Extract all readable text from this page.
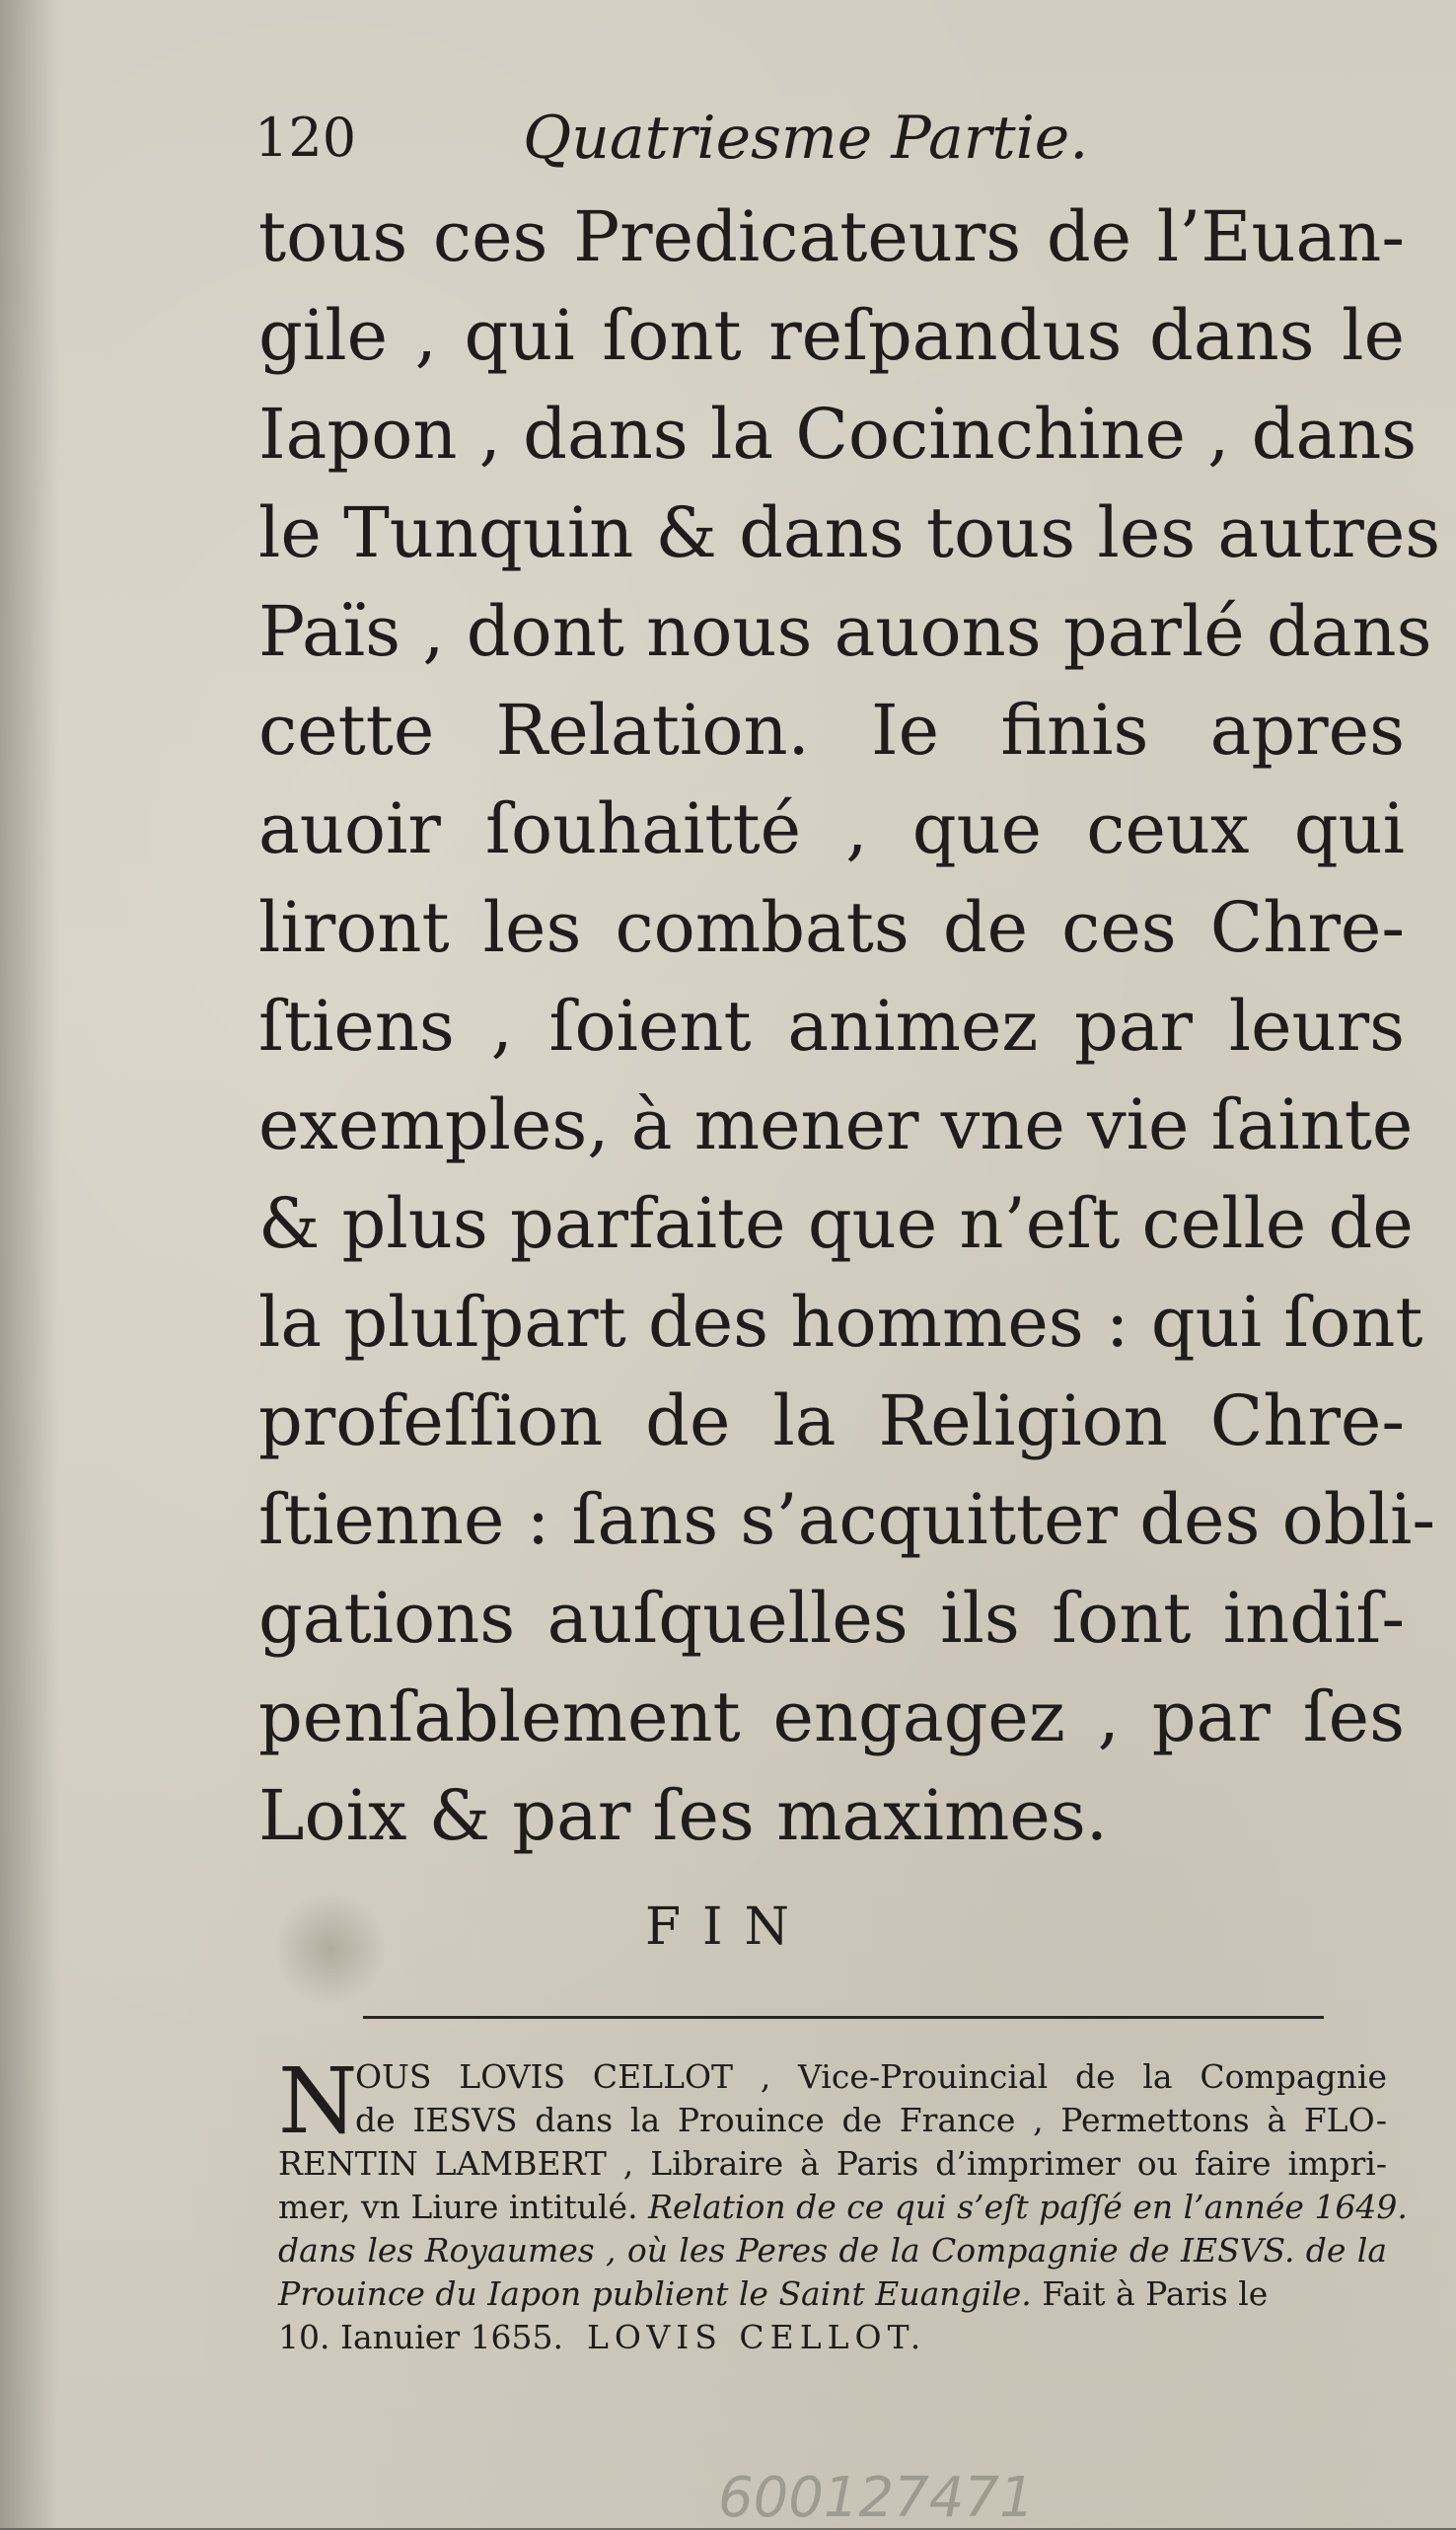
120	Quatriesme Partie.
tous ces Predicateurs de l’Euan-
gile , qui ſont reſpandus dans le
Iapon , dans la Cocinchine , dans
le Tunquin & dans tous les autres
Païs , dont nous auons parlé dans
cette Relation. Ie finis apres
auoir ſouhaitté , que ceux qui
liront les combats de ces Chre-
ſtiens , ſoient animez par leurs
exemples, à mener vne vie ſainte
& plus parfaite que n’eſt celle de
la pluſpart des hommes : qui ſont
profeſſion de la Religion Chre-
ſtienne : ſans s’acquitter des obli-
gations auſquelles ils ſont indiſ-
penſablement engagez , par ſes
Loix & par ſes maximes.
FIN
N
OUS LOVIS CELLOT , Vice-Prouincial de la Compagnie
de IESVS dans la Prouince de France , Permettons à FLO-
RENTIN LAMBERT , Libraire à Paris d’imprimer ou faire impri-
mer, vn Liure intitulé. Relation de ce qui s’eſt paſſé en l’année 1649.
dans les Royaumes , où les Peres de la Compagnie de IESVS. de la
Prouince du Iapon publient le Saint Euangile. Fait à Paris le
10. Ianuier 1655. LOVIS CELLOT.
600127471
